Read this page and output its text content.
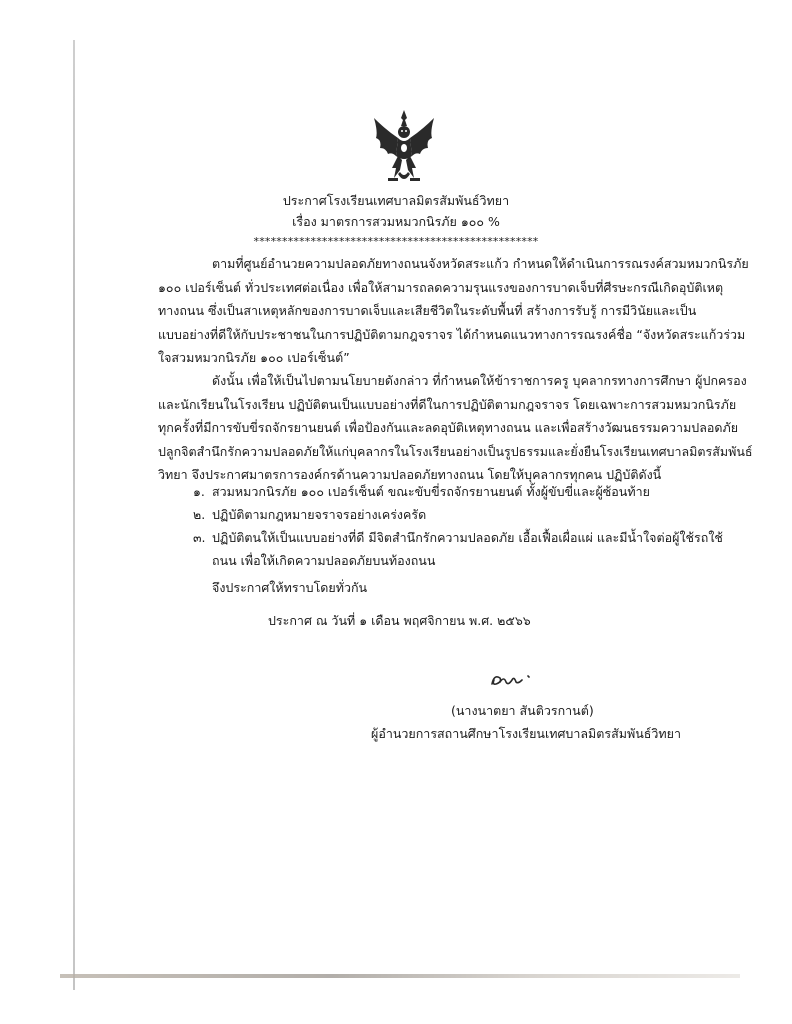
ประกาศโรงเรียนเทศบาลมิตรสัมพันธ์วิทยา
เรื่อง มาตรการสวมหมวกนิรภัย ๑๐๐ %
**************************************************
ตามที่ศูนย์อำนวยความปลอดภัยทางถนนจังหวัดสระแก้ว กำหนดให้ดำเนินการรณรงค์สวมหมวกนิรภัย
๑๐๐ เปอร์เซ็นต์ ทั่วประเทศต่อเนื่อง เพื่อให้สามารถลดความรุนแรงของการบาดเจ็บที่ศีรษะกรณีเกิดอุบัติเหตุ
ทางถนน ซึ่งเป็นสาเหตุหลักของการบาดเจ็บและเสียชีวิตในระดับพื้นที่ สร้างการรับรู้ การมีวินัยและเป็น
แบบอย่างที่ดีให้กับประชาชนในการปฏิบัติตามกฎจราจร ได้กำหนดแนวทางการรณรงค์ชื่อ “จังหวัดสระแก้วร่วม
ใจสวมหมวกนิรภัย ๑๐๐ เปอร์เซ็นต์”
ดังนั้น เพื่อให้เป็นไปตามนโยบายดังกล่าว ที่กำหนดให้ข้าราชการครู บุคลากรทางการศึกษา ผู้ปกครอง
และนักเรียนในโรงเรียน ปฏิบัติตนเป็นแบบอย่างที่ดีในการปฏิบัติตามกฎจราจร โดยเฉพาะการสวมหมวกนิรภัย
ทุกครั้งที่มีการขับขี่รถจักรยานยนต์ เพื่อป้องกันและลดอุบัติเหตุทางถนน และเพื่อสร้างวัฒนธรรมความปลอดภัย
ปลูกจิตสำนึกรักความปลอดภัยให้แก่บุคลากรในโรงเรียนอย่างเป็นรูปธรรมและยั่งยืนโรงเรียนเทศบาลมิตรสัมพันธ์
วิทยา จึงประกาศมาตรการองค์กรด้านความปลอดภัยทางถนน โดยให้บุคลากรทุกคน ปฏิบัติดังนี้
๑. สวมหมวกนิรภัย ๑๐๐ เปอร์เซ็นต์ ขณะขับขี่รถจักรยานยนต์ ทั้งผู้ขับขี่และผู้ซ้อนท้าย
๒. ปฏิบัติตามกฎหมายจราจรอย่างเคร่งครัด
๓. ปฏิบัติตนให้เป็นแบบอย่างที่ดี มีจิตสำนึกรักความปลอดภัย เอื้อเฟื้อเผื่อแผ่ และมีน้ำใจต่อผู้ใช้รถใช้
ถนน เพื่อให้เกิดความปลอดภัยบนท้องถนน
จึงประกาศให้ทราบโดยทั่วกัน
ประกาศ ณ วันที่ ๑ เดือน พฤศจิกายน พ.ศ. ๒๕๖๖
(นางนาตยา สันติวรกานต์)
ผู้อำนวยการสถานศึกษาโรงเรียนเทศบาลมิตรสัมพันธ์วิทยา
